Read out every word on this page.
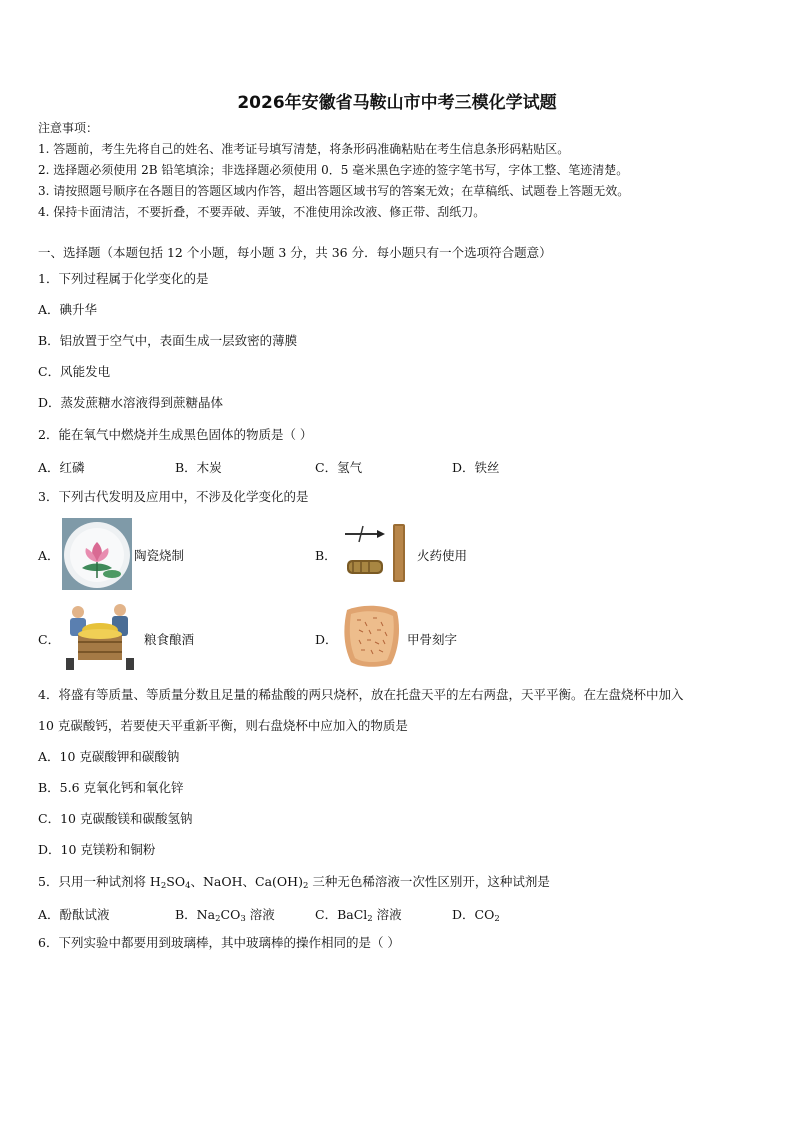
2026年安徽省马鞍山市中考三模化学试题
注意事项：
1. 答题前，考生先将自己的姓名、准考证号填写清楚，将条形码准确粘贴在考生信息条形码粘贴区。
2. 选择题必须使用 2B 铅笔填涂；非选择题必须使用 0．5 毫米黑色字迹的签字笔书写，字体工整、笔迹清楚。
3. 请按照题号顺序在各题目的答题区域内作答，超出答题区域书写的答案无效；在草稿纸、试题卷上答题无效。
4. 保持卡面清洁，不要折叠，不要弄破、弄皱，不准使用涂改液、修正带、刮纸刀。
一、选择题（本题包括 12 个小题，每小题 3 分，共 36 分．每小题只有一个选项符合题意）
1．下列过程属于化学变化的是
A．碘升华
B．铝放置于空气中，表面生成一层致密的薄膜
C．风能发电
D．蒸发蔗糖水溶液得到蔗糖晶体
2．能在氧气中燃烧并生成黑色固体的物质是（ ）
A．红磷	B．木炭	C．氢气	D．铁丝
3．下列古代发明及应用中，不涉及化学变化的是
A．	陶瓷烧制	B．	火药使用
C．	粮食酿酒	D．	甲骨刻字
4．将盛有等质量、等质量分数且足量的稀盐酸的两只烧杯，放在托盘天平的左右两盘，天平平衡。在左盘烧杯中加入
10 克碳酸钙，若要使天平重新平衡，则右盘烧杯中应加入的物质是
A．10 克碳酸钾和碳酸钠
B．5.6 克氧化钙和氧化锌
C．10 克碳酸镁和碳酸氢钠
D．10 克镁粉和铜粉
5．只用一种试剂将 $H_2SO_4$、NaOH、$Ca(OH)_2$ 三种无色稀溶液一次性区别开，这种试剂是
A．酚酞试液	B．$Na_2CO_3$ 溶液	C．BaCl$_2$ 溶液	D．$CO_2$
6．下列实验中都要用到玻璃棒，其中玻璃棒的操作相同的是（ ）
